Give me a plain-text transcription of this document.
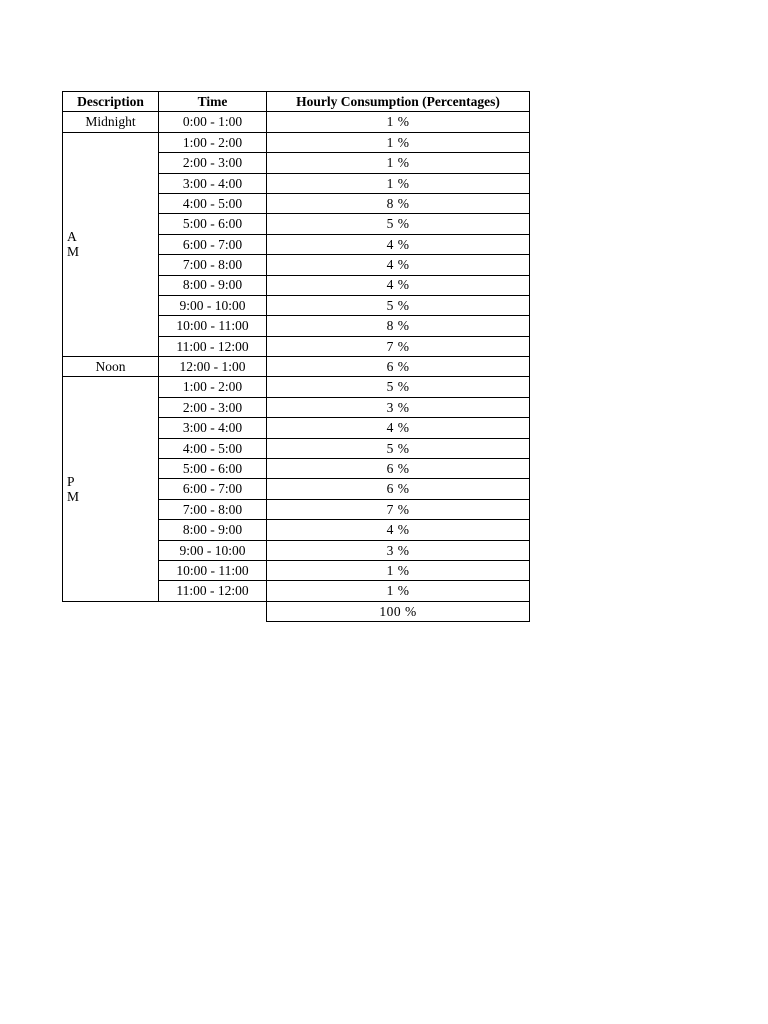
Description	Time	Hourly Consumption (Percentages)
Midnight	0:00 - 1:00	1 %
A
M	1:00 - 2:00	1 %
	2:00 - 3:00	1 %
	3:00 - 4:00	1 %
	4:00 - 5:00	8 %
	5:00 - 6:00	5 %
	6:00 - 7:00	4 %
	7:00 - 8:00	4 %
	8:00 - 9:00	4 %
	9:00 - 10:00	5 %
	10:00 - 11:00	8 %
	11:00 - 12:00	7 %
Noon	12:00 - 1:00	6 %
P
M	1:00 - 2:00	5 %
	2:00 - 3:00	3 %
	3:00 - 4:00	4 %
	4:00 - 5:00	5 %
	5:00 - 6:00	6 %
	6:00 - 7:00	6 %
	7:00 - 8:00	7 %
	8:00 - 9:00	4 %
	9:00 - 10:00	3 %
	10:00 - 11:00	1 %
	11:00 - 12:00	1 %
		100 %
